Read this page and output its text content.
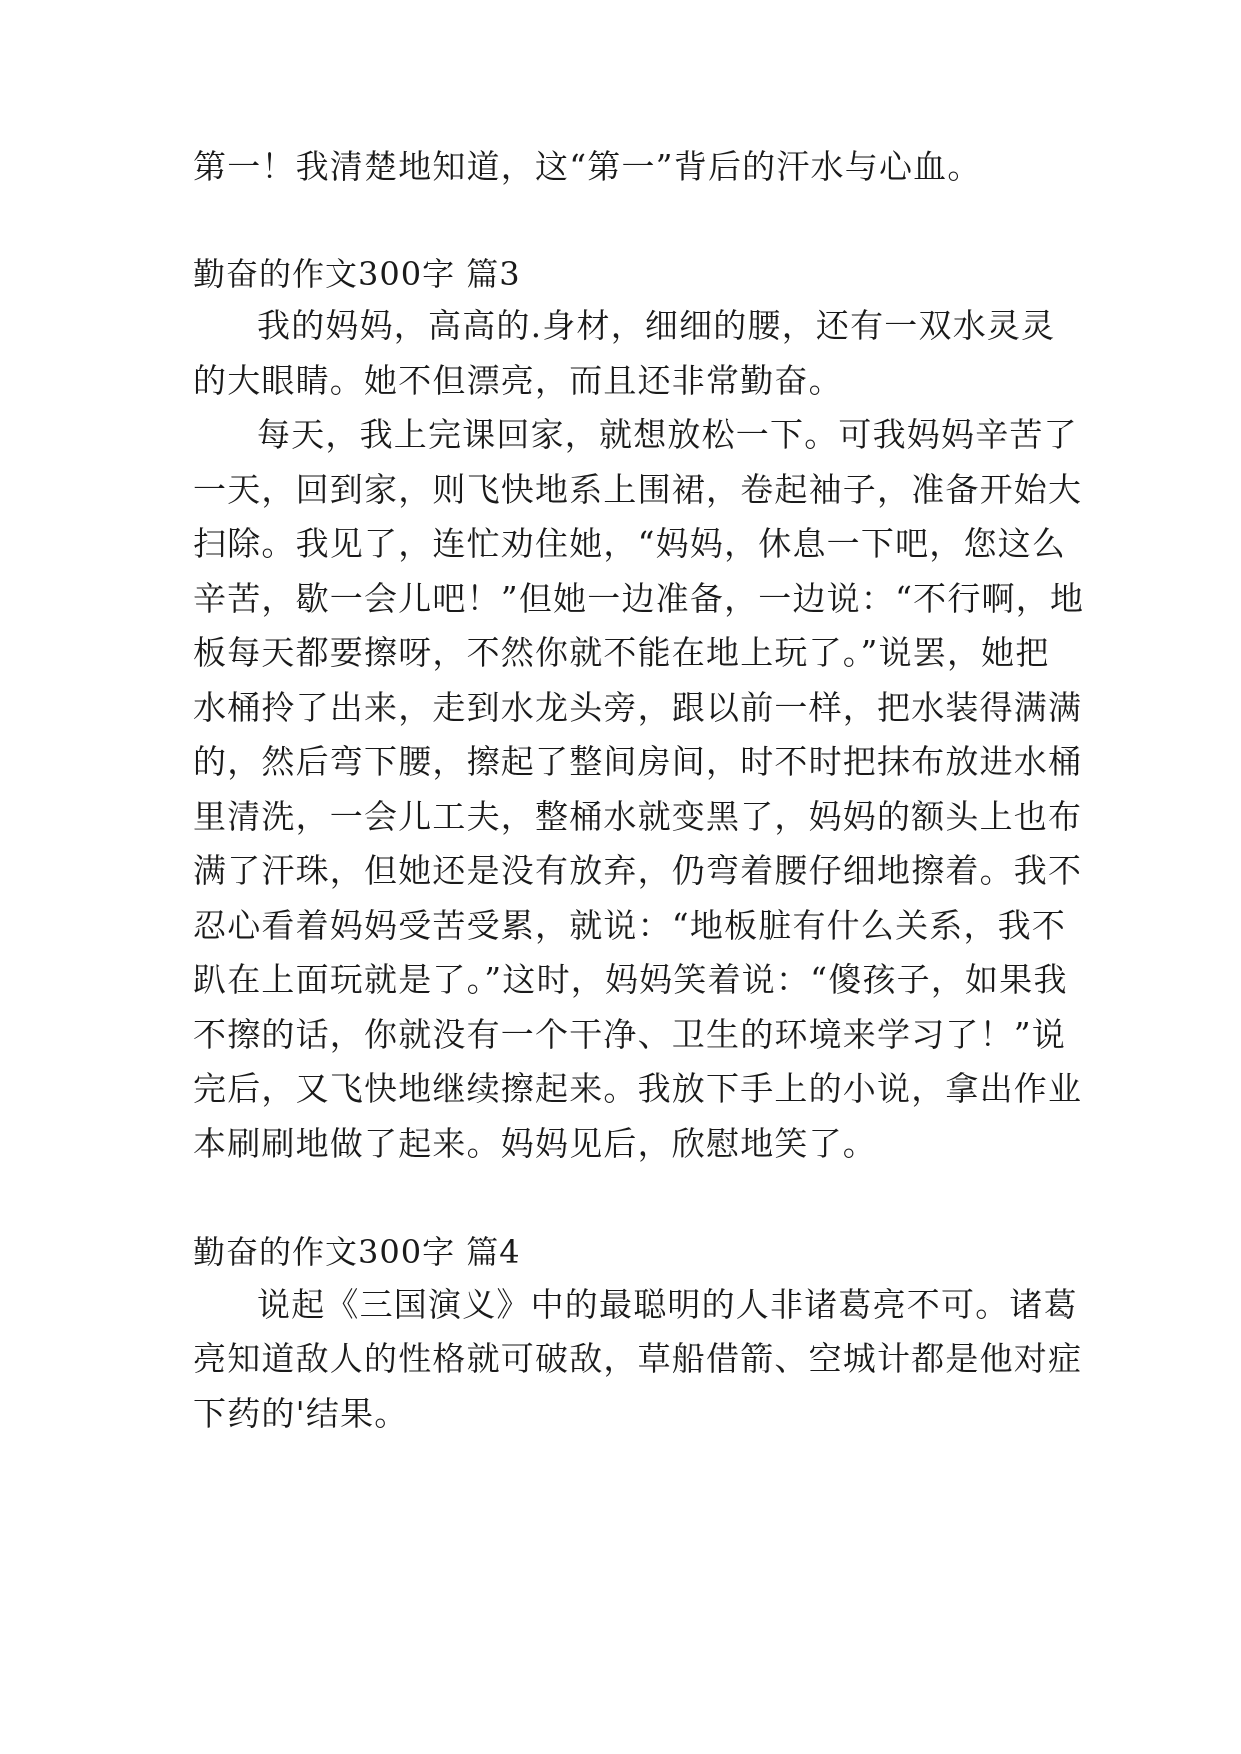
第一！我清楚地知道，这“第一”背后的汗水与心血。
勤奋的作文300字 篇3
我的妈妈，高高的.身材，细细的腰，还有一双水灵灵
的大眼睛。她不但漂亮，而且还非常勤奋。
每天，我上完课回家，就想放松一下。可我妈妈辛苦了
一天，回到家，则飞快地系上围裙，卷起袖子，准备开始大
扫除。我见了，连忙劝住她，“妈妈，休息一下吧，您这么
辛苦，歇一会儿吧！”但她一边准备，一边说：“不行啊，地
板每天都要擦呀，不然你就不能在地上玩了。”说罢，她把
水桶拎了出来，走到水龙头旁，跟以前一样，把水装得满满
的，然后弯下腰，擦起了整间房间，时不时把抹布放进水桶
里清洗，一会儿工夫，整桶水就变黑了，妈妈的额头上也布
满了汗珠，但她还是没有放弃，仍弯着腰仔细地擦着。我不
忍心看着妈妈受苦受累，就说：“地板脏有什么关系，我不
趴在上面玩就是了。”这时，妈妈笑着说：“傻孩子，如果我
不擦的话，你就没有一个干净、卫生的环境来学习了！”说
完后，又飞快地继续擦起来。我放下手上的小说，拿出作业
本刷刷地做了起来。妈妈见后，欣慰地笑了。
勤奋的作文300字 篇4
说起《三国演义》中的最聪明的人非诸葛亮不可。诸葛
亮知道敌人的性格就可破敌，草船借箭、空城计都是他对症
下药的'结果。
